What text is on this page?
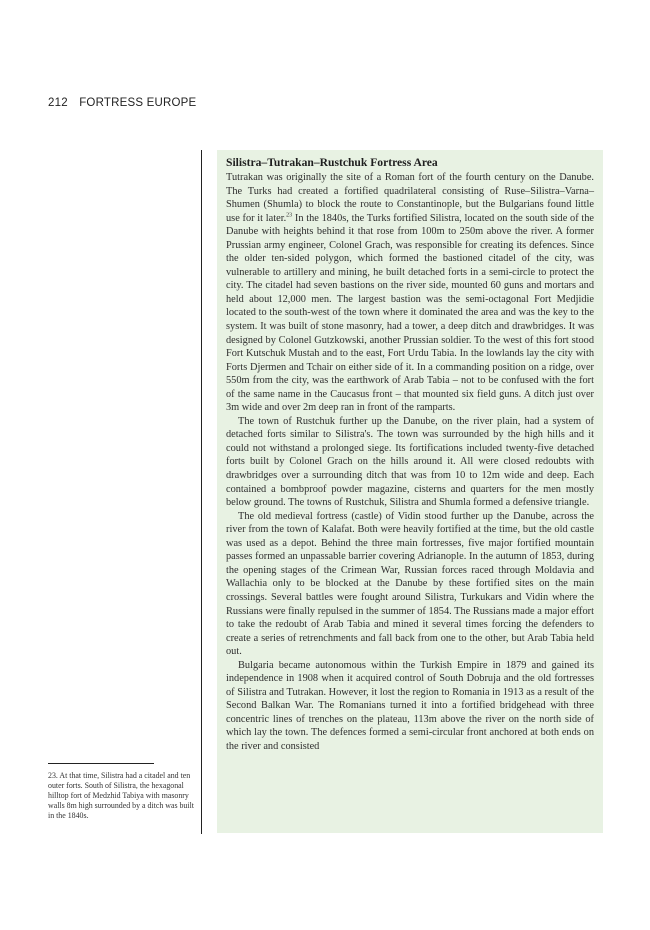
212 FORTRESS EUROPE
Silistra–Tutrakan–Rustchuk Fortress Area

Tutrakan was originally the site of a Roman fort of the fourth century on the Danube. The Turks had created a fortified quadrilateral consisting of Ruse–Silistra–Varna–Shumen (Shumla) to block the route to Constantinople, but the Bulgarians found little use for it later.$^{23}$ In the 1840s, the Turks fortified Silistra, located on the south side of the Danube with heights behind it that rose from 100m to 250m above the river. A former Prussian army engineer, Colonel Grach, was responsible for creating its defences. Since the older ten-sided polygon, which formed the bastioned citadel of the city, was vulnerable to artillery and mining, he built detached forts in a semi-circle to protect the city. The citadel had seven bastions on the river side, mounted 60 guns and mortars and held about 12,000 men. The largest bastion was the semi-octagonal Fort Medjidie located to the south-west of the town where it dominated the area and was the key to the system. It was built of stone masonry, had a tower, a deep ditch and drawbridges. It was designed by Colonel Gutzkowski, another Prussian soldier. To the west of this fort stood Fort Kutschuk Mustah and to the east, Fort Urdu Tabia. In the lowlands lay the city with Forts Djermen and Tchair on either side of it. In a commanding position on a ridge, over 550m from the city, was the earthwork of Arab Tabia – not to be confused with the fort of the same name in the Caucasus front – that mounted six field guns. A ditch just over 3m wide and over 2m deep ran in front of the ramparts.

The town of Rustchuk further up the Danube, on the river plain, had a system of detached forts similar to Silistra's. The town was surrounded by the high hills and it could not withstand a prolonged siege. Its fortifications included twenty-five detached forts built by Colonel Grach on the hills around it. All were closed redoubts with drawbridges over a surrounding ditch that was from 10 to 12m wide and deep. Each contained a bombproof powder magazine, cisterns and quarters for the men mostly below ground. The towns of Rustchuk, Silistra and Shumla formed a defensive triangle.

The old medieval fortress (castle) of Vidin stood further up the Danube, across the river from the town of Kalafat. Both were heavily fortified at the time, but the old castle was used as a depot. Behind the three main fortresses, five major fortified mountain passes formed an unpassable barrier covering Adrianople. In the autumn of 1853, during the opening stages of the Crimean War, Russian forces raced through Moldavia and Wallachia only to be blocked at the Danube by these fortified sites on the main crossings. Several battles were fought around Silistra, Turkukars and Vidin where the Russians were finally repulsed in the summer of 1854. The Russians made a major effort to take the redoubt of Arab Tabia and mined it several times forcing the defenders to create a series of retrenchments and fall back from one to the other, but Arab Tabia held out.

Bulgaria became autonomous within the Turkish Empire in 1879 and gained its independence in 1908 when it acquired control of South Dobruja and the old fortresses of Silistra and Tutrakan. However, it lost the region to Romania in 1913 as a result of the Second Balkan War. The Romanians turned it into a fortified bridgehead with three concentric lines of trenches on the plateau, 113m above the river on the north side of which lay the town. The defences formed a semi-circular front anchored at both ends on the river and consisted

23. At that time, Silistra had a citadel and ten outer forts. South of Silistra, the hexagonal hilltop fort of Medzhid Tabiya with masonry walls 8m high surrounded by a ditch was built in the 1840s.
